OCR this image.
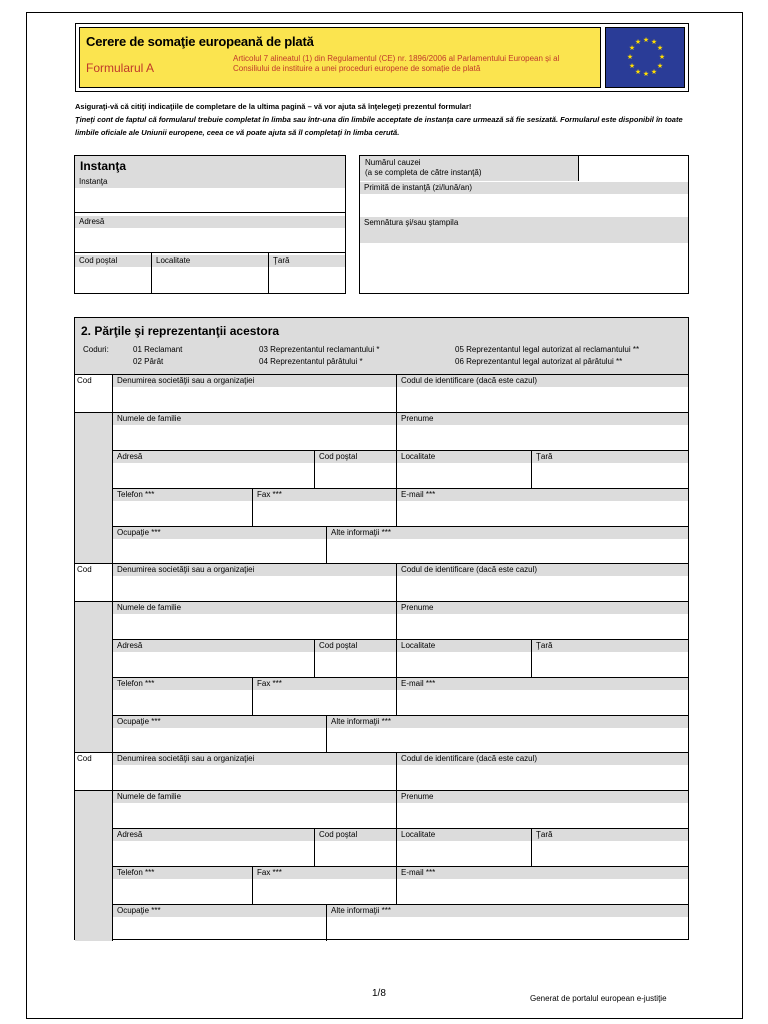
Cerere de somaţie europeană de plată
Formularul A
Articolul 7 alineatul (1) din Regulamentul (CE) nr. 1896/2006 al Parlamentului European și al Consiliului de instituire a unei proceduri europene de somație de plată
★ ★
★
★
★
★
★
★
★
★
★
★
Asiguraţi-vă că citiţi indicaţiile de completare de la ultima pagină – vă vor ajuta să înţelegeţi prezentul formular!
Ţineţi cont de faptul că formularul trebuie completat în limba sau într-una din limbile acceptate de instanţa care urmează să fie sesizată. Formularul este disponibil în toate limbile oficiale ale Uniunii europene, ceea ce vă poate ajuta să îl completaţi în limba cerută.
Instanţa
Instanţa
Adresă
Cod poştal	Localitate	Ţară
Numărul cauzei
(a se completa de către instanţă)
Primită de instanţă (zi/lună/an)
Semnătura şi/sau ştampila
2. Părţile şi reprezentanţii acestora
Coduri:	01 Reclamant
02 Pârât
03 Reprezentantul reclamantului *
04 Reprezentantul pârâtului *
05 Reprezentantul legal autorizat al reclamantului **
06 Reprezentantul legal autorizat al pârâtului **
Cod	Denumirea societăţii sau a organizaţiei	Codul de identificare (dacă este cazul)
Numele de familie	Prenume
Adresă	Cod poştal	Localitate	Ţară
Telefon ***	Fax ***	E-mail ***
Ocupaţie ***	Alte informaţii ***
Cod	Denumirea societăţii sau a organizaţiei	Codul de identificare (dacă este cazul)
Numele de familie	Prenume
Adresă	Cod poştal	Localitate	Ţară
Telefon ***	Fax ***	E-mail ***
Ocupaţie ***	Alte informaţii ***
Cod	Denumirea societăţii sau a organizaţiei	Codul de identificare (dacă este cazul)
Numele de familie	Prenume
Adresă	Cod poştal	Localitate	Ţară
Telefon ***	Fax ***	E-mail ***
Ocupaţie ***	Alte informaţii ***
1/8	Generat de portalul european e-justiţie
